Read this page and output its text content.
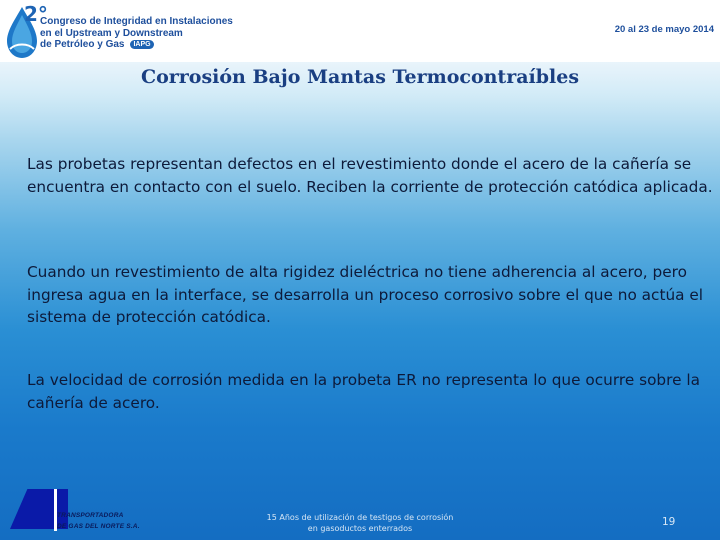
2°
Congreso de Integridad en Instalaciones
en el Upstream y Downstream
de Petróleo y Gas IAPG
20 al 23 de mayo 2014
Corrosión Bajo Mantas Termocontraíbles

Las probetas representan defectos en el revestimiento donde el acero de la cañería se encuentra en contacto con el suelo. Reciben la corriente de protección catódica aplicada.

Cuando un revestimiento de alta rigidez dieléctrica no tiene adherencia al acero, pero ingresa agua en la interface, se desarrolla un proceso corrosivo sobre el que no actúa el sistema de protección catódica.

La velocidad de corrosión medida en la probeta ER no representa lo que ocurre sobre la cañería de acero.

TRANSPORTADORA
DE GAS DEL NORTE S.A.
15 Años de utilización de testigos de corrosión
en gasoductos enterrados	19
